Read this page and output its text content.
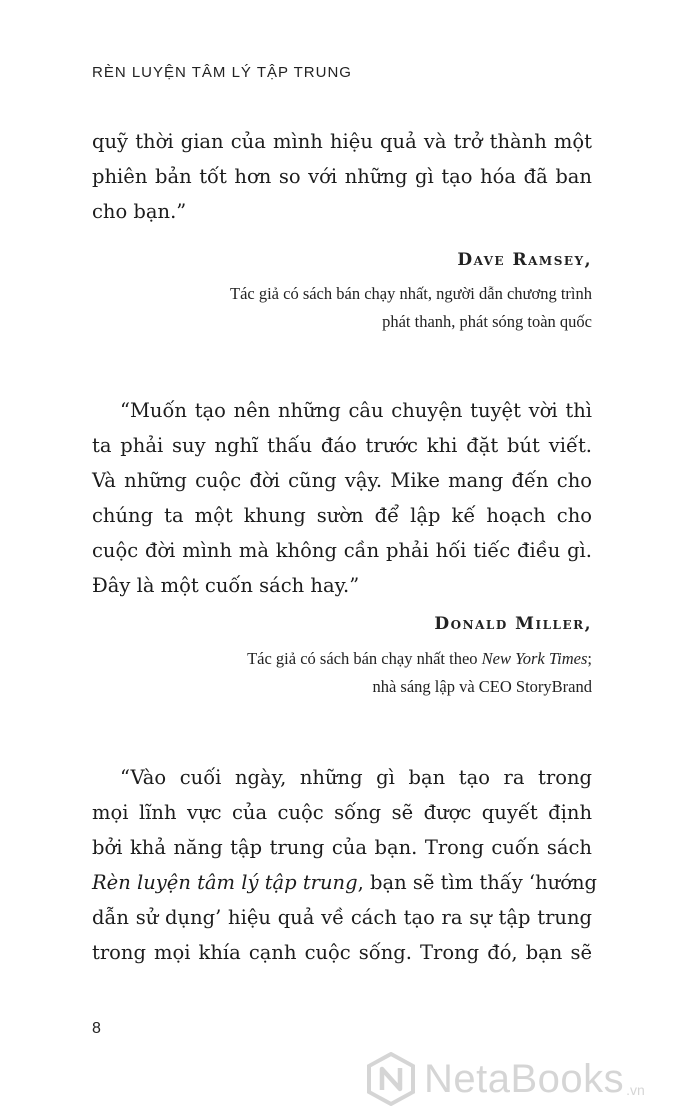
RÈN LUYỆN TÂM LÝ TẬP TRUNG
quỹ thời gian của mình hiệu quả và trở thành một
phiên bản tốt hơn so với những gì tạo hóa đã ban
cho bạn.”
Dave Ramsey,
Tác giả có sách bán chạy nhất, người dẫn chương trình
phát thanh, phát sóng toàn quốc
“Muốn tạo nên những câu chuyện tuyệt vời thì
ta phải suy nghĩ thấu đáo trước khi đặt bút viết.
Và những cuộc đời cũng vậy. Mike mang đến cho
chúng ta một khung sườn để lập kế hoạch cho
cuộc đời mình mà không cần phải hối tiếc điều gì.
Đây là một cuốn sách hay.”
Donald Miller,
Tác giả có sách bán chạy nhất theo New York Times;
nhà sáng lập và CEO StoryBrand
“Vào cuối ngày, những gì bạn tạo ra trong
mọi lĩnh vực của cuộc sống sẽ được quyết định
bởi khả năng tập trung của bạn. Trong cuốn sách
Rèn luyện tâm lý tập trung, bạn sẽ tìm thấy ‘hướng
dẫn sử dụng’ hiệu quả về cách tạo ra sự tập trung
trong mọi khía cạnh cuộc sống. Trong đó, bạn sẽ
8
NetaBooks .vn
